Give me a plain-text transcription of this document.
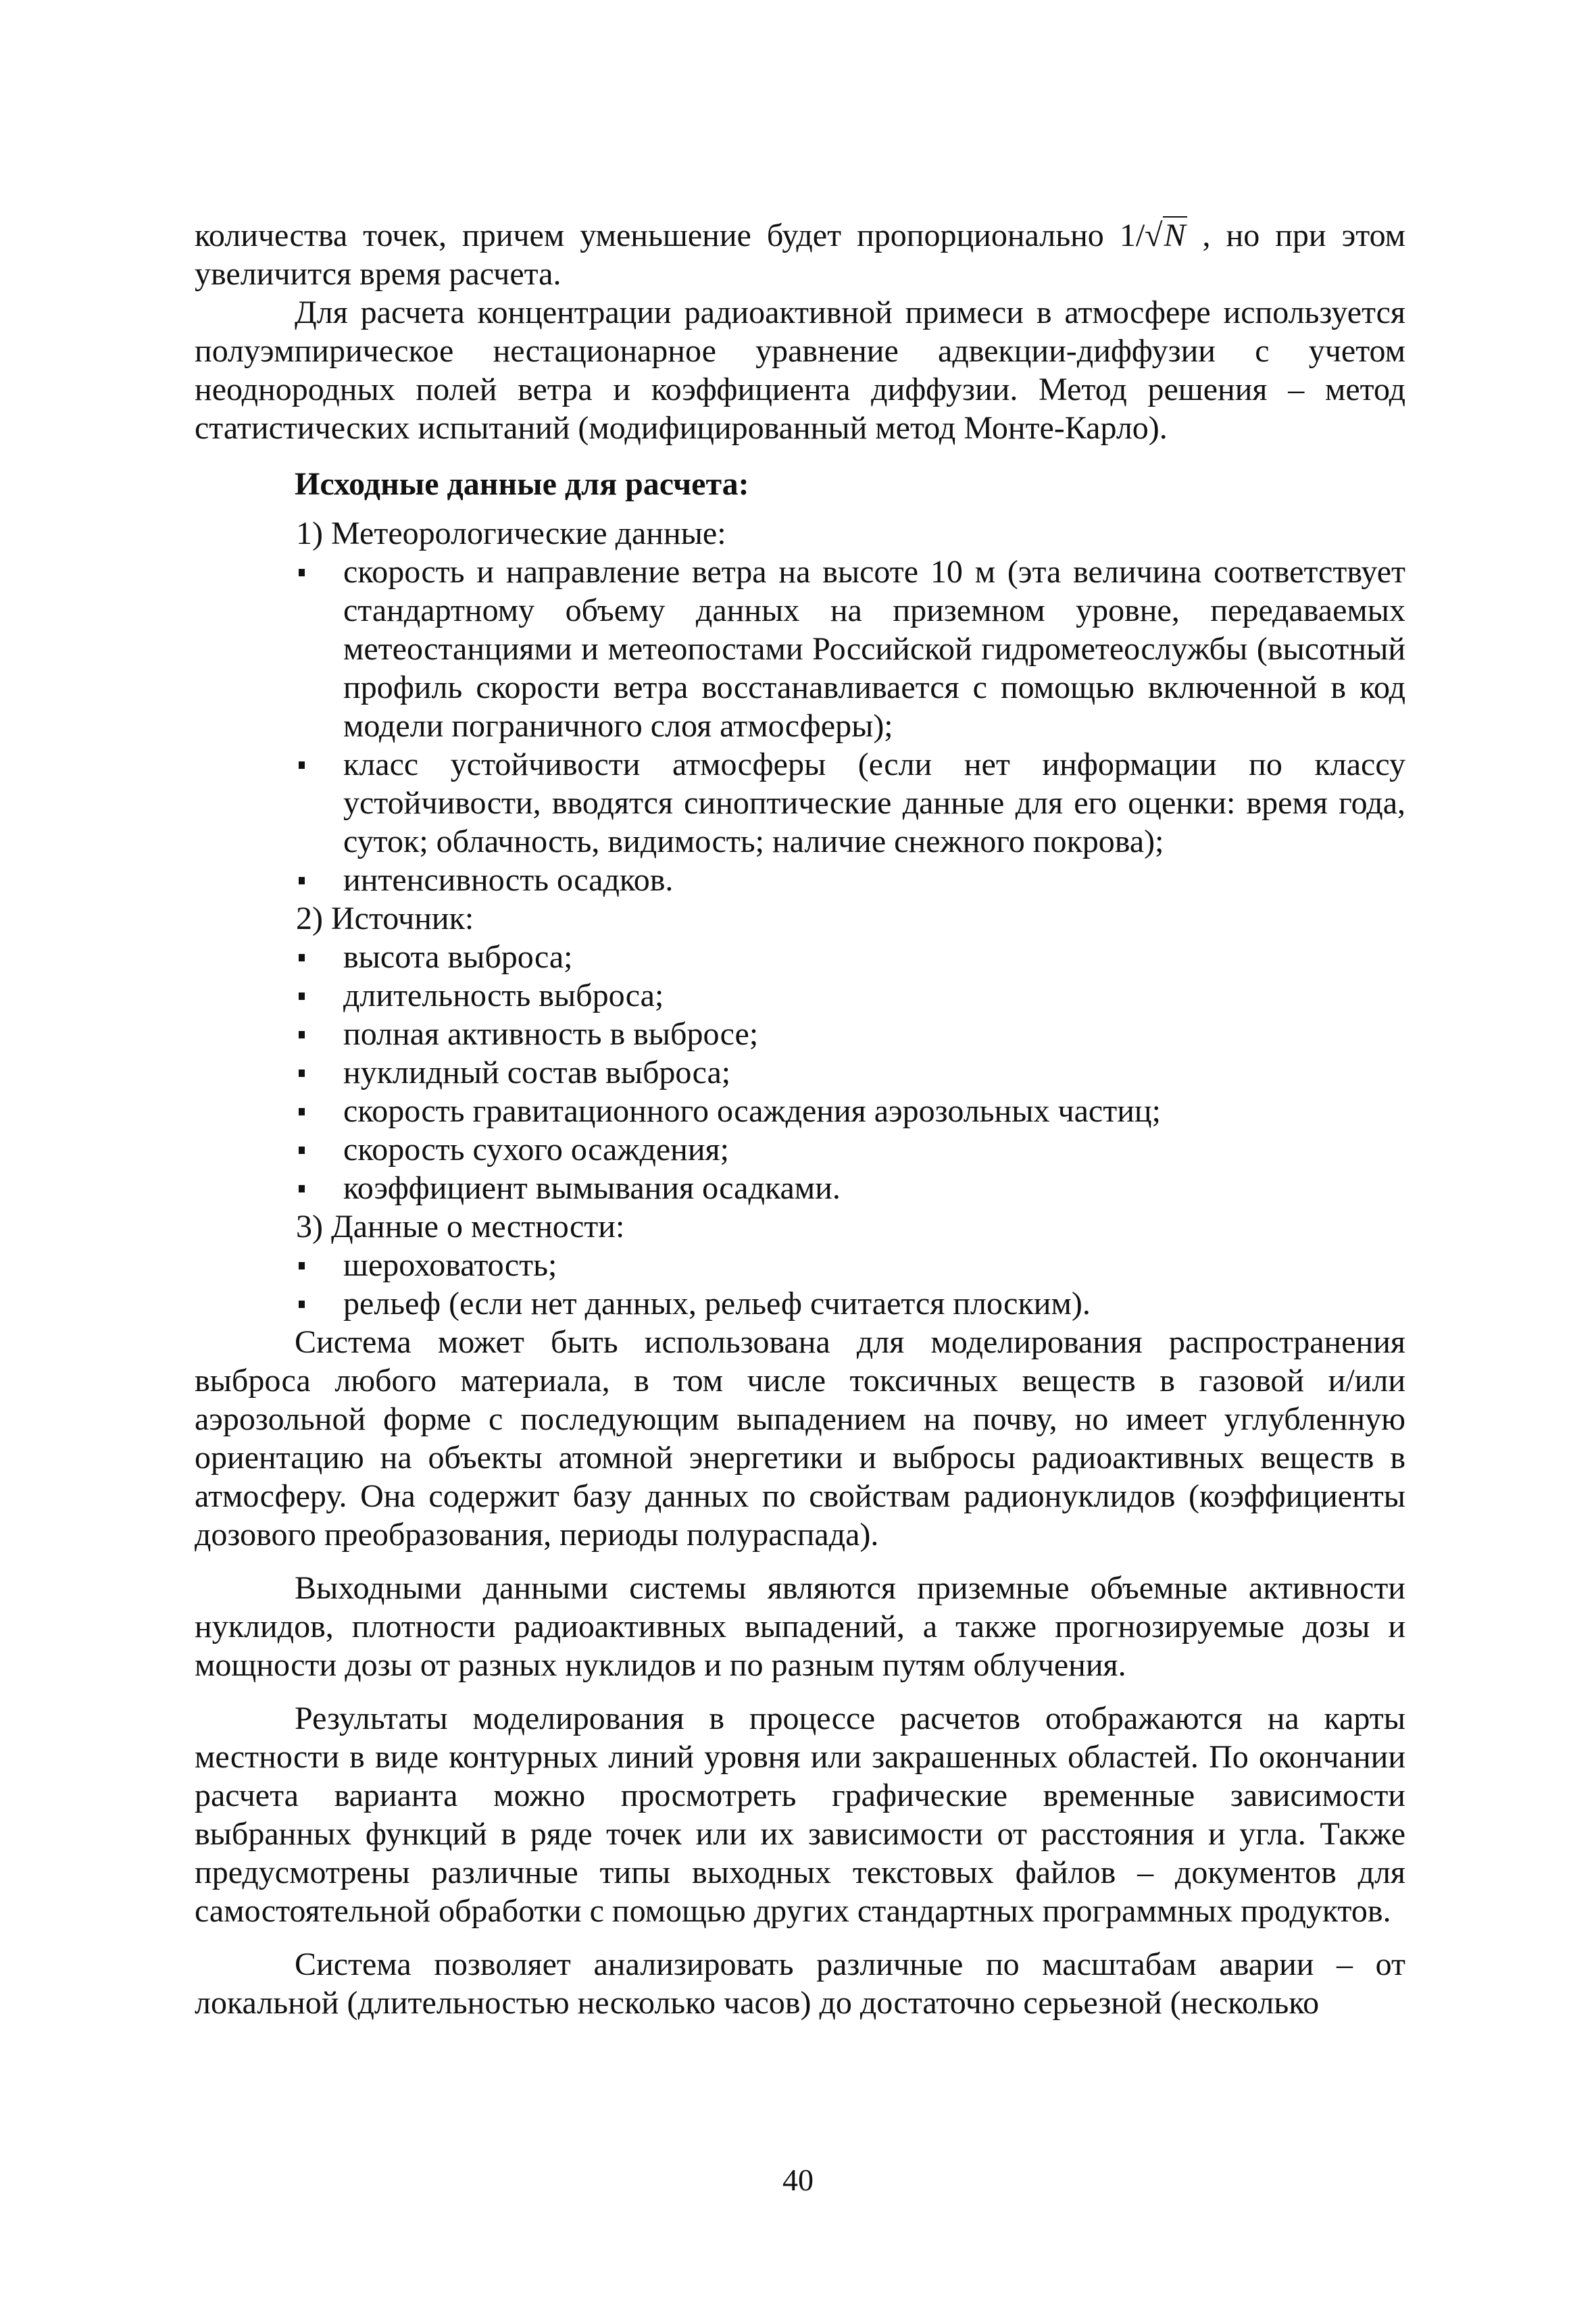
количества точек, причем уменьшение будет пропорционально 1/√N , но при этом увеличится время расчета.

Для расчета концентрации радиоактивной примеси в атмосфере используется полуэмпирическое нестационарное уравнение адвекции-диффузии с учетом неоднородных полей ветра и коэффициента диффузии. Метод решения – метод статистических испытаний (модифицированный метод Монте-Карло).

Исходные данные для расчета:

1) Метеорологические данные:

скорость и направление ветра на высоте 10 м (эта величина соответствует стандартному объему данных на приземном уровне, передаваемых метеостанциями и метеопостами Российской гидрометеослужбы (высотный профиль скорости ветра восстанавливается с помощью включенной в код модели пограничного слоя атмосферы);
класс устойчивости атмосферы (если нет информации по классу устойчивости, вводятся синоптические данные для его оценки: время года, суток; облачность, видимость; наличие снежного покрова);
интенсивность осадков.

2) Источник:

высота выброса;
длительность выброса;
полная активность в выбросе;
нуклидный состав выброса;
скорость гравитационного осаждения аэрозольных частиц;
скорость сухого осаждения;
коэффициент вымывания осадками.

3) Данные о местности:

шероховатость;
рельеф (если нет данных, рельеф считается плоским).

Система может быть использована для моделирования распространения выброса любого материала, в том числе токсичных веществ в газовой и/или аэрозольной форме с последующим выпадением на почву, но имеет углубленную ориентацию на объекты атомной энергетики и выбросы радиоактивных веществ в атмосферу. Она содержит базу данных по свойствам радионуклидов (коэффициенты дозового преобразования, периоды полураспада).

Выходными данными системы являются приземные объемные активности нуклидов, плотности радиоактивных выпадений, а также прогнозируемые дозы и мощности дозы от разных нуклидов и по разным путям облучения.

Результаты моделирования в процессе расчетов отображаются на карты местности в виде контурных линий уровня или закрашенных областей. По окончании расчета варианта можно просмотреть графические временные зависимости выбранных функций в ряде точек или их зависимости от расстояния и угла. Также предусмотрены различные типы выходных текстовых файлов – документов для самостоятельной обработки с помощью других стандартных программных продуктов.

Система позволяет анализировать различные по масштабам аварии – от локальной (длительностью несколько часов) до достаточно серьезной (несколько

40
